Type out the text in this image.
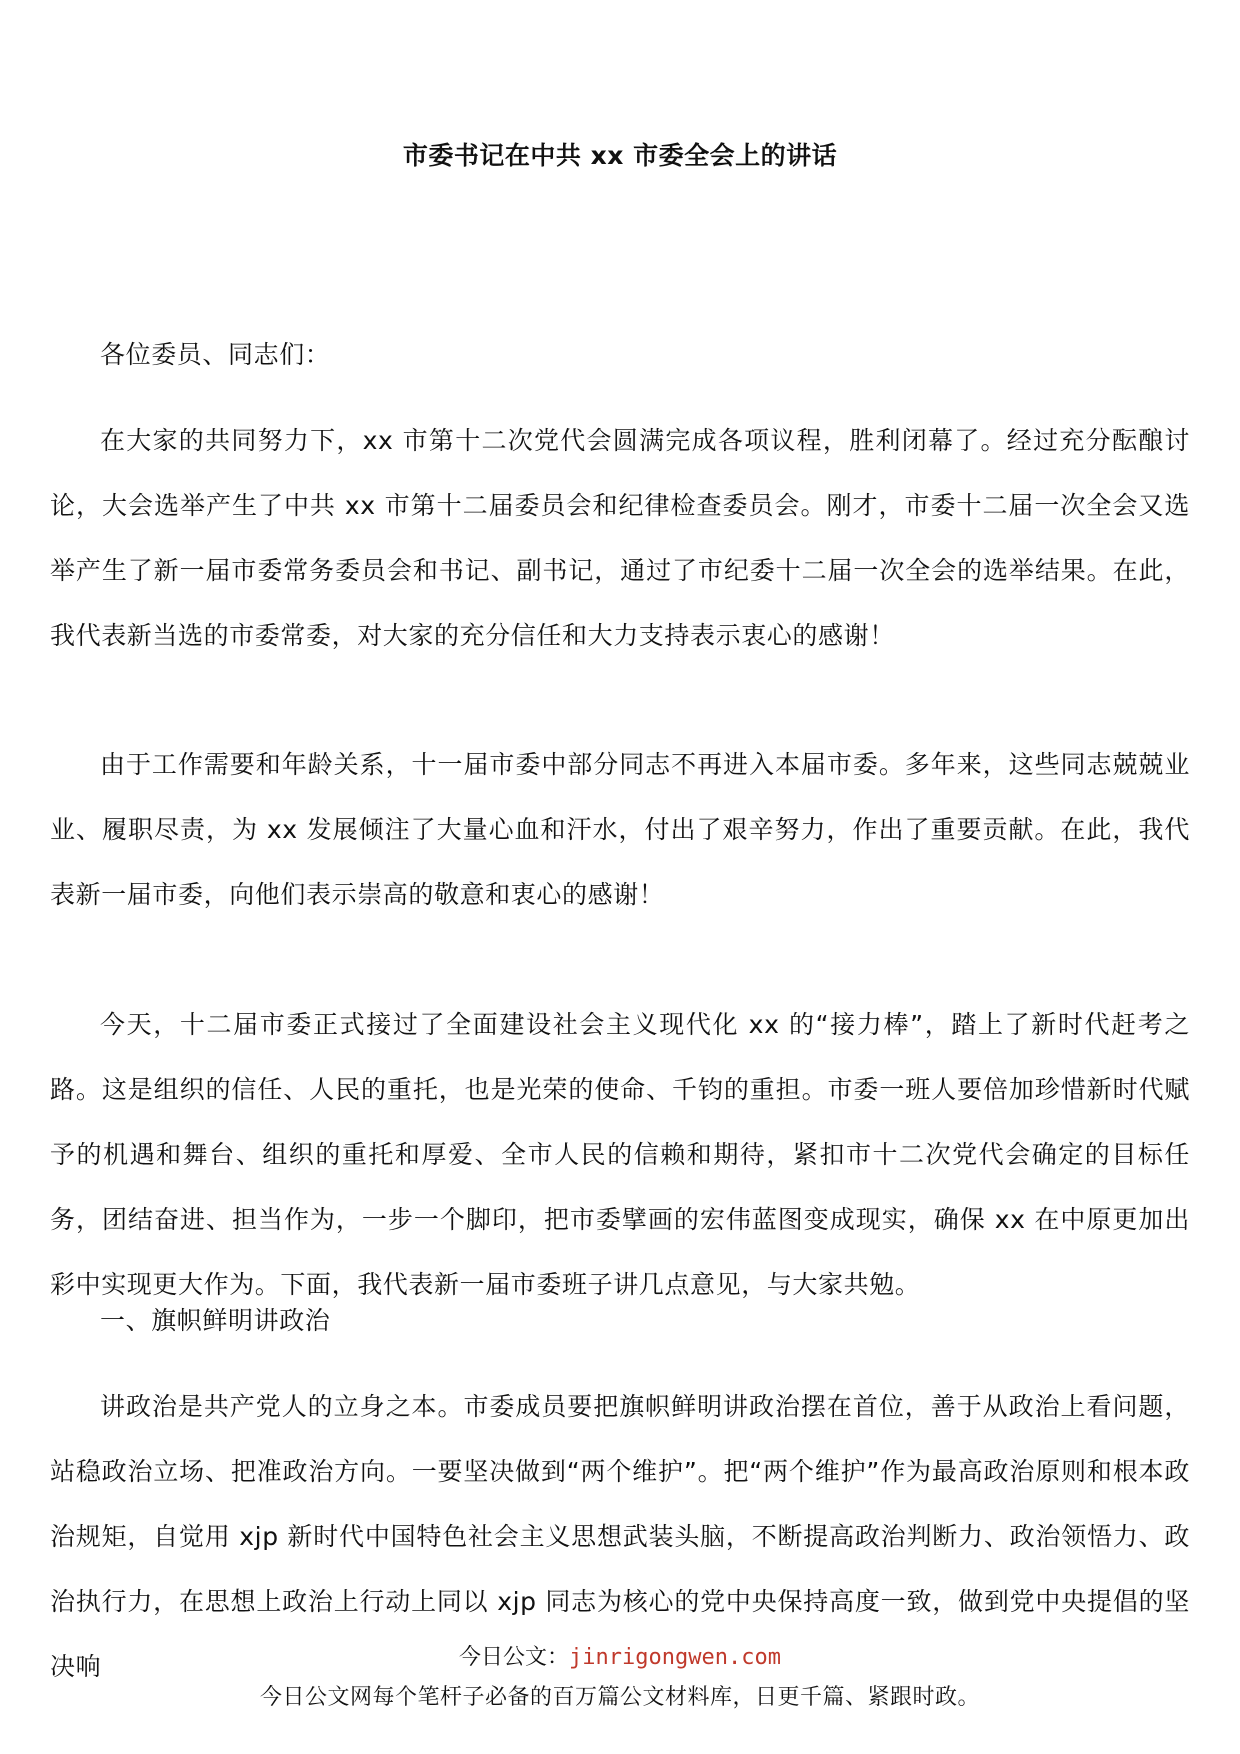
市委书记在中共 xx 市委全会上的讲话

各位委员、同志们：

在大家的共同努力下，xx 市第十二次党代会圆满完成各项议程，胜利闭幕了。经过充分酝酿讨论，大会选举产生了中共 xx 市第十二届委员会和纪律检查委员会。刚才，市委十二届一次全会又选举产生了新一届市委常务委员会和书记、副书记，通过了市纪委十二届一次全会的选举结果。在此，我代表新当选的市委常委，对大家的充分信任和大力支持表示衷心的感谢！

由于工作需要和年龄关系，十一届市委中部分同志不再进入本届市委。多年来，这些同志兢兢业业、履职尽责，为 xx 发展倾注了大量心血和汗水，付出了艰辛努力，作出了重要贡献。在此，我代表新一届市委，向他们表示崇高的敬意和衷心的感谢！

今天，十二届市委正式接过了全面建设社会主义现代化 xx 的“接力棒”，踏上了新时代赶考之路。这是组织的信任、人民的重托，也是光荣的使命、千钧的重担。市委一班人要倍加珍惜新时代赋予的机遇和舞台、组织的重托和厚爱、全市人民的信赖和期待，紧扣市十二次党代会确定的目标任务，团结奋进、担当作为，一步一个脚印，把市委擘画的宏伟蓝图变成现实，确保 xx 在中原更加出彩中实现更大作为。下面，我代表新一届市委班子讲几点意见，与大家共勉。

一、旗帜鲜明讲政治

讲政治是共产党人的立身之本。市委成员要把旗帜鲜明讲政治摆在首位，善于从政治上看问题，站稳政治立场、把准政治方向。一要坚决做到“两个维护”。把“两个维护”作为最高政治原则和根本政治规矩，自觉用 xjp 新时代中国特色社会主义思想武装头脑，不断提高政治判断力、政治领悟力、政治执行力，在思想上政治上行动上同以 xjp 同志为核心的党中央保持高度一致，做到党中央提倡的坚决响	今日公文：jinrigongwen.com
今日公文网每个笔杆子必备的百万篇公文材料库，日更千篇、紧跟时政。
